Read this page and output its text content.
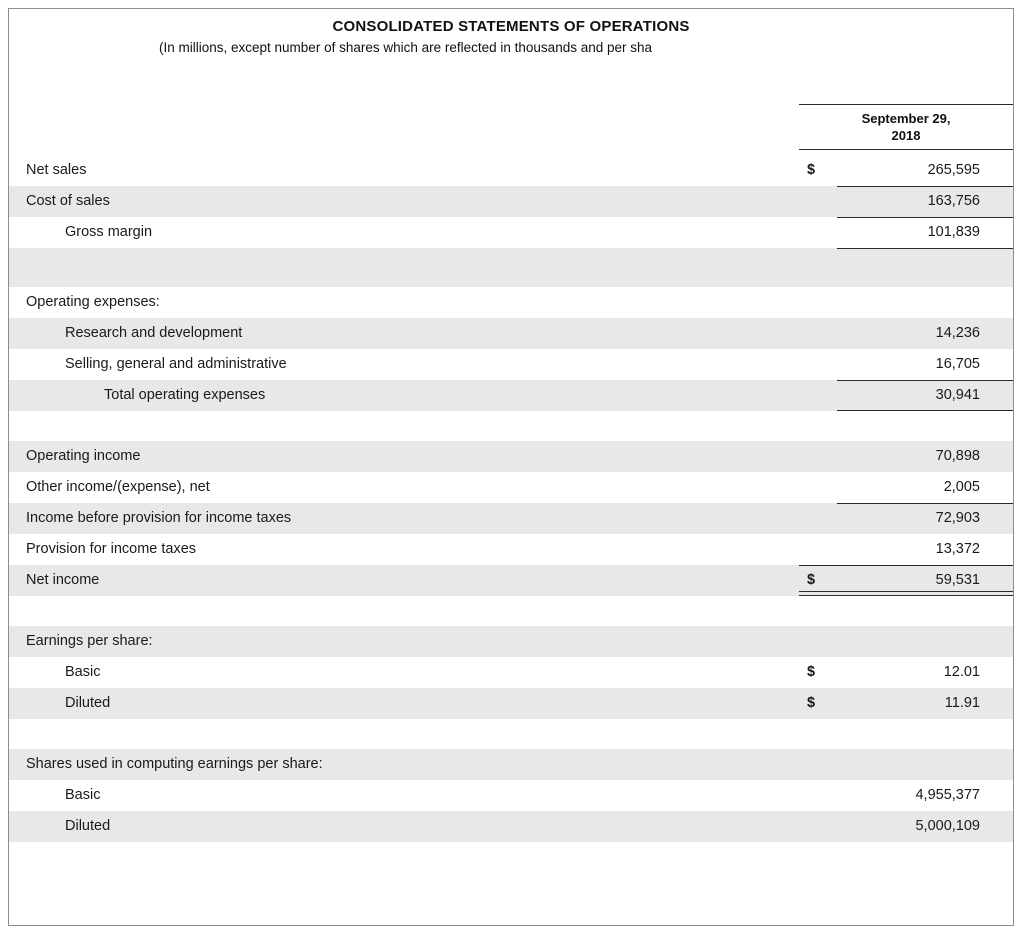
CONSOLIDATED STATEMENTS OF OPERATIONS
(In millions, except number of shares which are reflected in thousands and per sha

	September 29,
2018	

Net sales	$	265,595
Cost of sales		163,756
Gross margin		101,839

Operating expenses:		
Research and development		14,236
Selling, general and administrative		16,705
Total operating expenses		30,941

Operating income		70,898
Other income/(expense), net		2,005
Income before provision for income taxes		72,903
Provision for income taxes		13,372
Net income	$	59,531

Earnings per share:		
Basic	$	12.01
Diluted	$	11.91

Shares used in computing earnings per share:		
Basic		4,955,377
Diluted		5,000,109
